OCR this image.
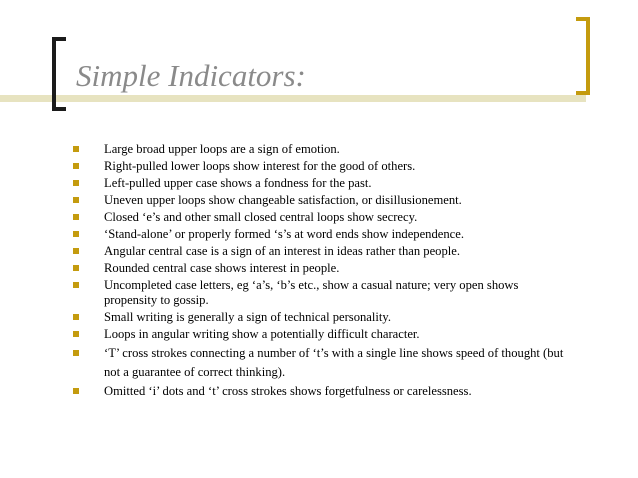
Simple Indicators:
Large broad upper loops are a sign of emotion.
Right-pulled lower loops show interest for the good of others.
Left-pulled upper case shows a fondness for the past.
Uneven upper loops show changeable satisfaction, or disillusionement.
Closed ‘e’s and other small closed central loops show secrecy.
‘Stand-alone’ or properly formed ‘s’s at word ends show independence.
Angular central case is a sign of an interest in ideas rather than people.
Rounded central case shows interest in people.
Uncompleted case letters, eg ‘a’s, ‘b’s etc., show a casual nature; very open shows propensity to gossip.
Small writing is generally a sign of technical personality.
Loops in angular writing show a potentially difficult character.
‘T’ cross strokes connecting a number of ‘t’s with a single line shows speed of thought (but not a guarantee of correct thinking).
Omitted ‘i’ dots and ‘t’ cross strokes shows forgetfulness or carelessness.
